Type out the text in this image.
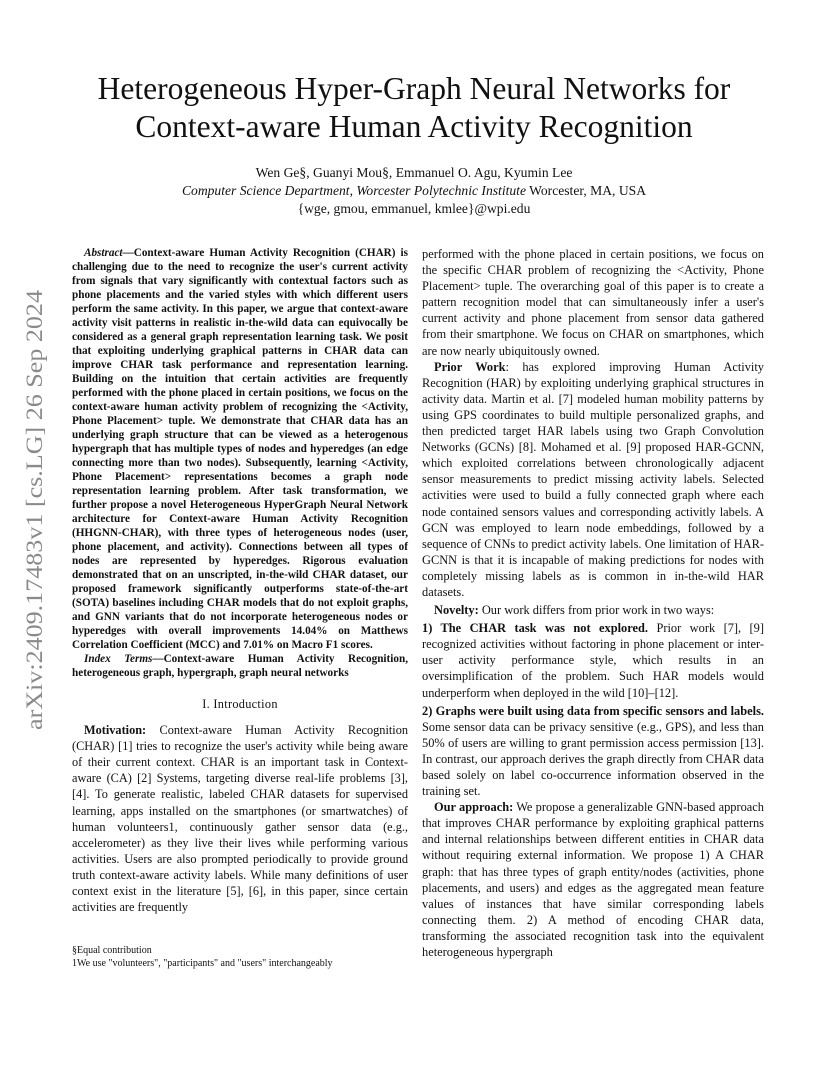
arXiv:2409.17483v1 [cs.LG] 26 Sep 2024
Heterogeneous Hyper-Graph Neural Networks for
Context-aware Human Activity Recognition
Wen Ge§, Guanyi Mou§, Emmanuel O. Agu, Kyumin Lee
Computer Science Department, Worcester Polytechnic Institute Worcester, MA, USA
{wge, gmou, emmanuel, kmlee}@wpi.edu

Abstract—Context-aware Human Activity Recognition (CHAR) is challenging due to the need to recognize the user's current activity from signals that vary significantly with contextual factors such as phone placements and the varied styles with which different users perform the same activity. In this paper, we argue that context-aware activity visit patterns in realistic in-the-wild data can equivocally be considered as a general graph representation learning task. We posit that exploiting underlying graphical patterns in CHAR data can improve CHAR task performance and representation learning. Building on the intuition that certain activities are frequently performed with the phone placed in certain positions, we focus on the context-aware human activity problem of recognizing the <Activity, Phone Placement> tuple. We demonstrate that CHAR data has an underlying graph structure that can be viewed as a heterogenous hypergraph that has multiple types of nodes and hyperedges (an edge connecting more than two nodes). Subsequently, learning <Activity, Phone Placement> representations becomes a graph node representation learning problem. After task transformation, we further propose a novel Heterogeneous HyperGraph Neural Network architecture for Context-aware Human Activity Recognition (HHGNN-CHAR), with three types of heterogeneous nodes (user, phone placement, and activity). Connections between all types of nodes are represented by hyperedges. Rigorous evaluation demonstrated that on an unscripted, in-the-wild CHAR dataset, our proposed framework significantly outperforms state-of-the-art (SOTA) baselines including CHAR models that do not exploit graphs, and GNN variants that do not incorporate heterogeneous nodes or hyperedges with overall improvements 14.04% on Matthews Correlation Coefficient (MCC) and 7.01% on Macro F1 scores.

Index Terms—Context-aware Human Activity Recognition, heterogeneous graph, hypergraph, graph neural networks

I. Introduction

Motivation: Context-aware Human Activity Recognition (CHAR) [1] tries to recognize the user's activity while being aware of their current context. CHAR is an important task in Context-aware (CA) [2] Systems, targeting diverse real-life problems [3], [4]. To generate realistic, labeled CHAR datasets for supervised learning, apps installed on the smartphones (or smartwatches) of human volunteers1, continuously gather sensor data (e.g., accelerometer) as they live their lives while performing various activities. Users are also prompted periodically to provide ground truth context-aware activity labels. While many definitions of user context exist in the literature [5], [6], in this paper, since certain activities are frequently

§Equal contribution
1We use "volunteers", "participants" and "users" interchangeably

performed with the phone placed in certain positions, we focus on the specific CHAR problem of recognizing the <Activity, Phone Placement> tuple. The overarching goal of this paper is to create a pattern recognition model that can simultaneously infer a user's current activity and phone placement from sensor data gathered from their smartphone. We focus on CHAR on smartphones, which are now nearly ubiquitously owned.

Prior Work: has explored improving Human Activity Recognition (HAR) by exploiting underlying graphical structures in activity data. Martin et al. [7] modeled human mobility patterns by using GPS coordinates to build multiple personalized graphs, and then predicted target HAR labels using two Graph Convolution Networks (GCNs) [8]. Mohamed et al. [9] proposed HAR-GCNN, which exploited correlations between chronologically adjacent sensor measurements to predict missing activity labels. Selected activities were used to build a fully connected graph where each node contained sensors values and corresponding activitly labels. A GCN was employed to learn node embeddings, followed by a sequence of CNNs to predict activity labels. One limitation of HAR-GCNN is that it is incapable of making predictions for nodes with completely missing labels as is common in in-the-wild HAR datasets.

Novelty: Our work differs from prior work in two ways:

1) The CHAR task was not explored. Prior work [7], [9] recognized activities without factoring in phone placement or inter-user activity performance style, which results in an oversimplification of the problem. Such HAR models would underperform when deployed in the wild [10]–[12].

2) Graphs were built using data from specific sensors and labels. Some sensor data can be privacy sensitive (e.g., GPS), and less than 50% of users are willing to grant permission access permission [13]. In contrast, our approach derives the graph directly from CHAR data based solely on label co-occurrence information observed in the training set.

Our approach: We propose a generalizable GNN-based approach that improves CHAR performance by exploiting graphical patterns and internal relationships between different entities in CHAR data without requiring external information. We propose 1) A CHAR graph: that has three types of graph entity/nodes (activities, phone placements, and users) and edges as the aggregated mean feature values of instances that have similar corresponding labels connecting them. 2) A method of encoding CHAR data, transforming the associated recognition task into the equivalent heterogeneous hypergraph
